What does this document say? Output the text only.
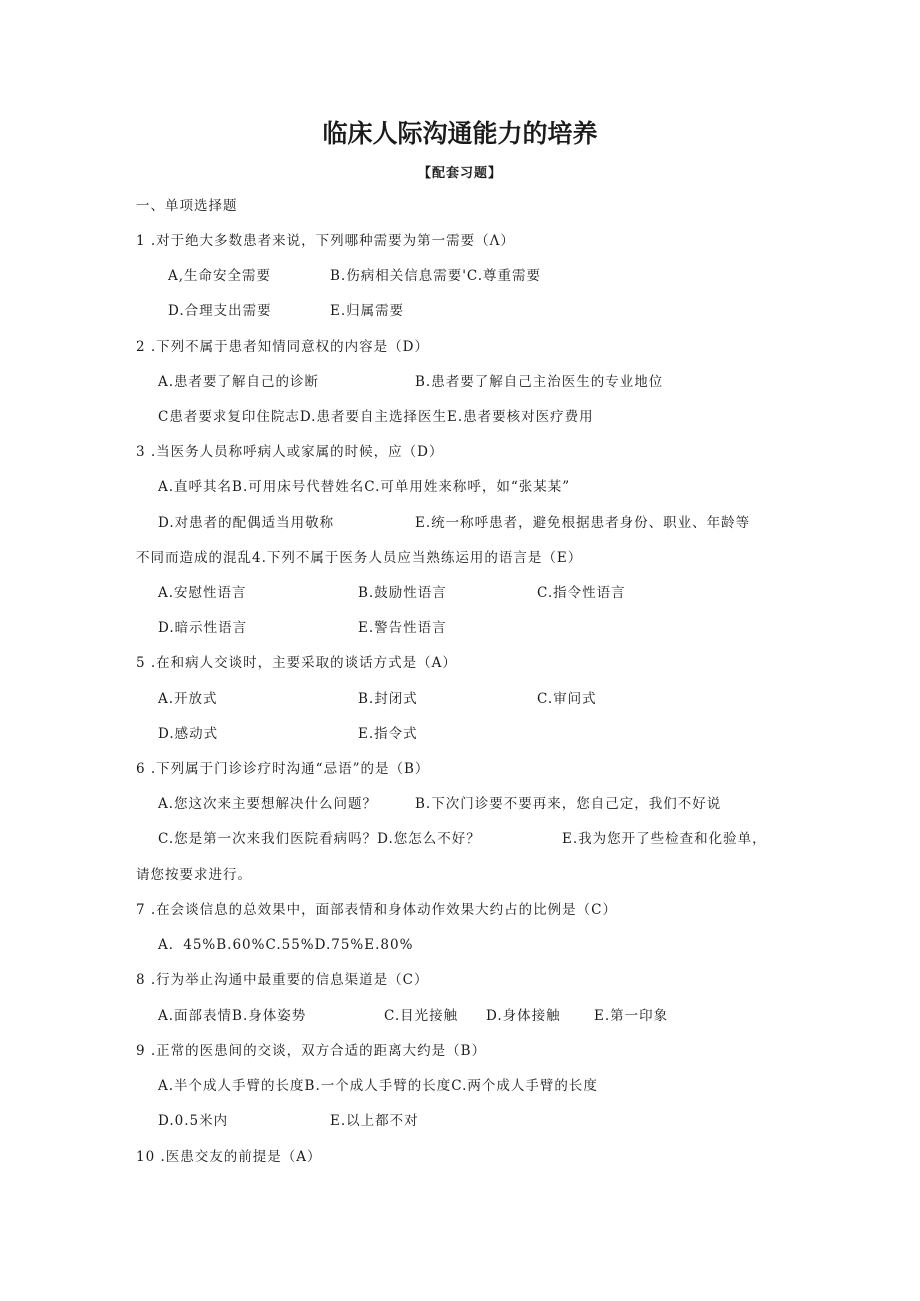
临床人际沟通能力的培养
【配套习题】
一、单项选择题
1 .对于绝大多数患者来说，下列哪种需要为第一需要（Λ）
A,生命安全需要	B.伤病相关信息需要'C.尊重需要
D.合理支出需要	E.归属需要
2 .下列不属于患者知情同意权的内容是（D）
A.患者要了解自己的诊断	B.患者要了解自己主治医生的专业地位
C患者要求复印住院志D.患者要自主选择医生E.患者要核对医疗费用
3 .当医务人员称呼病人或家属的时候，应（D）
A.直呼其名B.可用床号代替姓名C.可单用姓来称呼，如“张某某”
D.对患者的配偶适当用敬称	E.统一称呼患者，避免根据患者身份、职业、年龄等
不同而造成的混乱4.下列不属于医务人员应当熟练运用的语言是（E）
A.安慰性语言	B.鼓励性语言	C.指令性语言
D.暗示性语言	E.警告性语言
5 .在和病人交谈时，主要采取的谈话方式是（A）
A.开放式	B.封闭式	C.审问式
D.感动式	E.指令式
6 .下列属于门诊诊疗时沟通“忌语”的是（B）
A.您这次来主要想解决什么问题？	B.下次门诊要不要再来，您自己定，我们不好说
C.您是第一次来我们医院看病吗？D.您怎么不好？	E.我为您开了些检查和化验单，
请您按要求进行。
7 .在会谈信息的总效果中，面部表情和身体动作效果大约占的比例是（C）
A．45%B.60%C.55%D.75%E.80%
8 .行为举止沟通中最重要的信息渠道是（C）
A.面部表情B.身体姿势	C.目光接触 D.身体接触 E.第一印象
9 .正常的医患间的交谈，双方合适的距离大约是（B）
A.半个成人手臂的长度B.一个成人手臂的长度C.两个成人手臂的长度
D.0.5米内	E.以上都不对
10 .医患交友的前提是（A）
